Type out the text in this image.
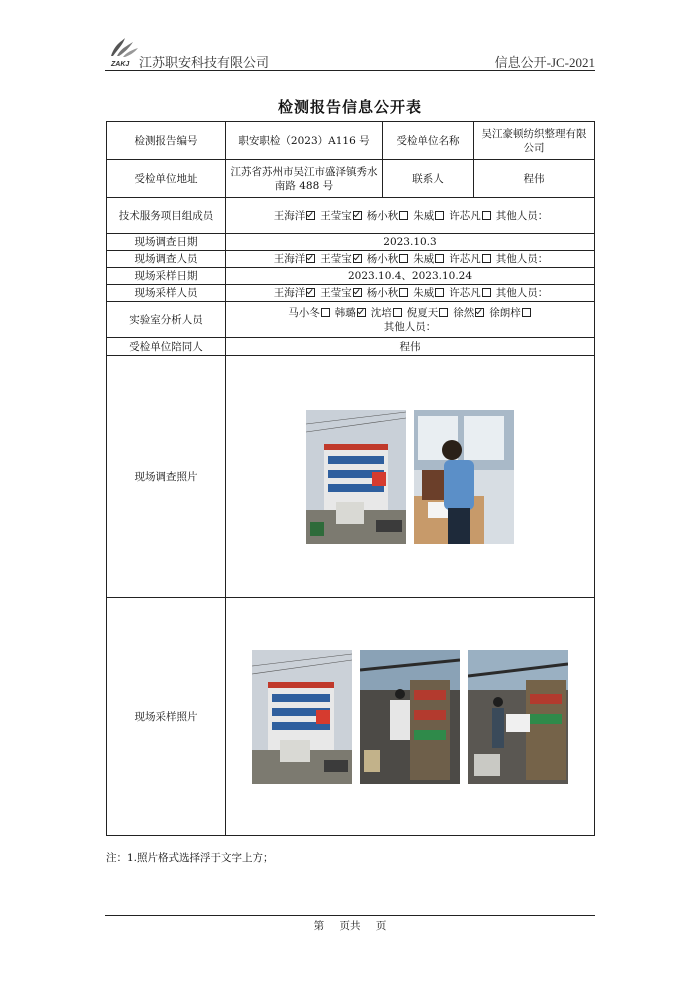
ZAKJ 江苏职安科技有限公司	信息公开-JC-2021
检测报告信息公开表
检测报告编号	职安职检（2023）A116 号	受检单位名称	吴江豪顿纺织整理有限公司
受检单位地址	江苏省苏州市吴江市盛泽镇秀水南路 488 号	联系人	程伟
技术服务项目组成员	王海洋 王莹宝 杨小秋 朱威 许芯凡 其他人员：		
现场调查日期	2023.10.3		
现场调查人员	王海洋 王莹宝 杨小秋 朱威 许芯凡 其他人员：		
现场采样日期	2023.10.4、2023.10.24		
现场采样人员	王海洋 王莹宝 杨小秋 朱威 许芯凡 其他人员：		
实验室分析人员	马小冬 韩璐 沈培 倪夏天 徐然 徐朗梓
其他人员：		

受检单位陪同人	程伟		
现场调查照片	

现场采样照片	
注：1.照片格式选择浮于文字上方；
第 页共 页
